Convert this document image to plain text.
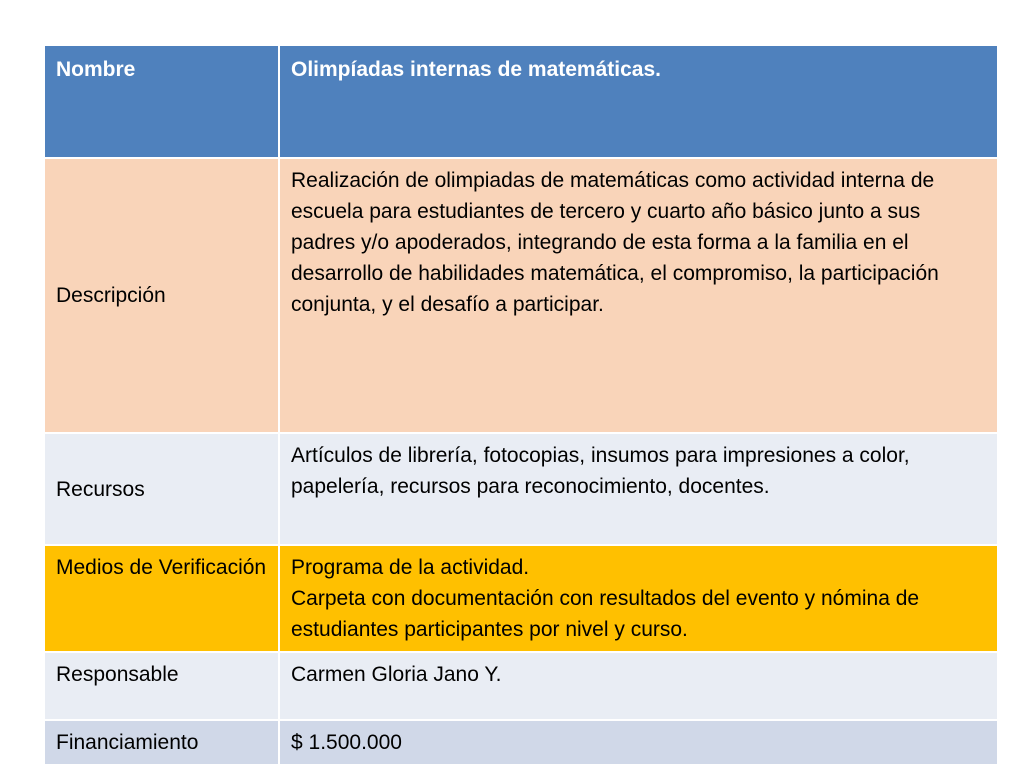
Nombre	Olimpíadas internas de matemáticas.
Descripción	Realización de olimpiadas de matemáticas como actividad interna de escuela para estudiantes de tercero y cuarto año básico junto a sus padres y/o apoderados, integrando de esta forma a la familia en el desarrollo de habilidades matemática, el compromiso, la participación conjunta, y el desafío a participar.
Recursos	Artículos de librería, fotocopias, insumos para impresiones a color, papelería, recursos para reconocimiento, docentes.
Medios de Verificación	Programa de la actividad.
Carpeta con documentación con resultados del evento y nómina de estudiantes participantes por nivel y curso.

Responsable	Carmen Gloria Jano Y.
Financiamiento	$ 1.500.000
